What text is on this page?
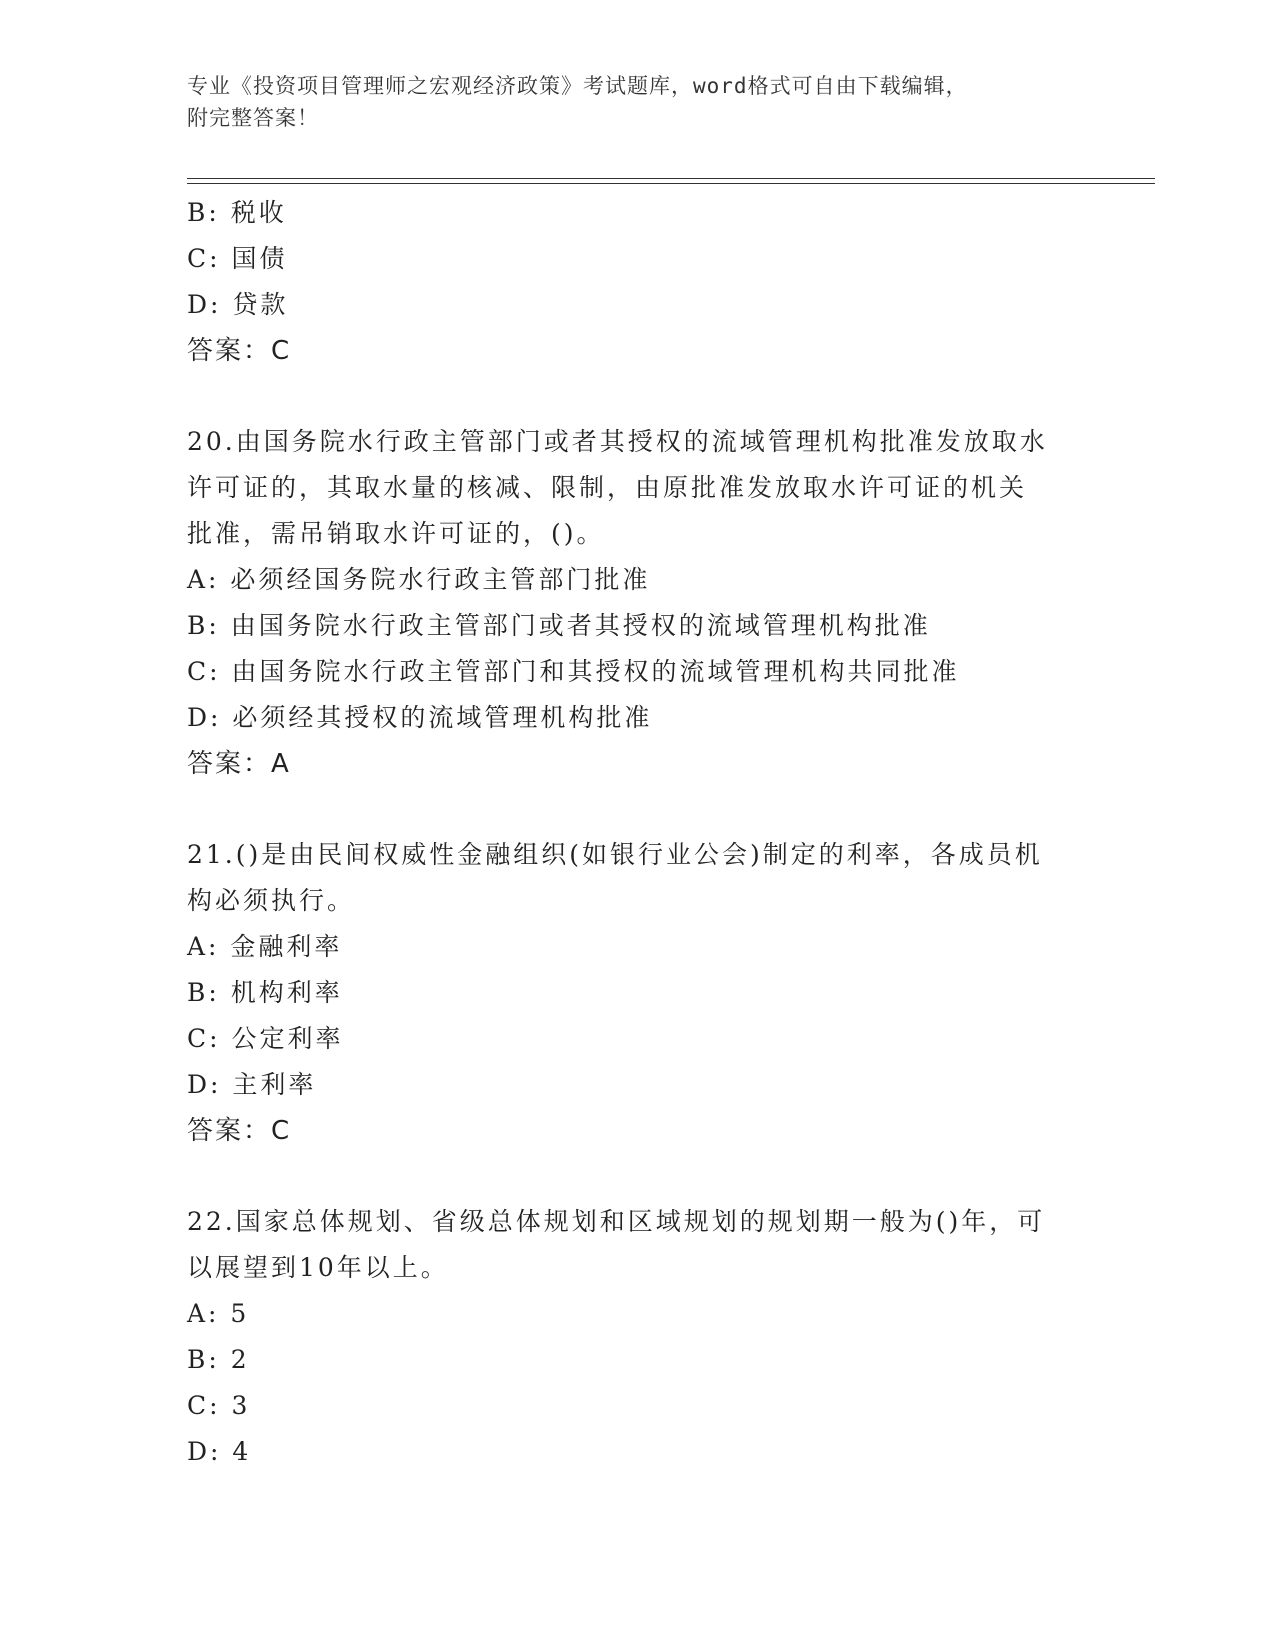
专业《投资项目管理师之宏观经济政策》考试题库，word格式可自由下载编辑，
附完整答案！
B: 税收
C: 国债
D: 贷款
答案：C
20.由国务院水行政主管部门或者其授权的流域管理机构批准发放取水
许可证的，其取水量的核减、限制，由原批准发放取水许可证的机关
批准，需吊销取水许可证的，()。
A: 必须经国务院水行政主管部门批准
B: 由国务院水行政主管部门或者其授权的流域管理机构批准
C: 由国务院水行政主管部门和其授权的流域管理机构共同批准
D: 必须经其授权的流域管理机构批准
答案：A
21.()是由民间权威性金融组织(如银行业公会)制定的利率，各成员机
构必须执行。
A: 金融利率
B: 机构利率
C: 公定利率
D: 主利率
答案：C
22.国家总体规划、省级总体规划和区域规划的规划期一般为()年，可
以展望到10年以上。
A: 5
B: 2
C: 3
D: 4
